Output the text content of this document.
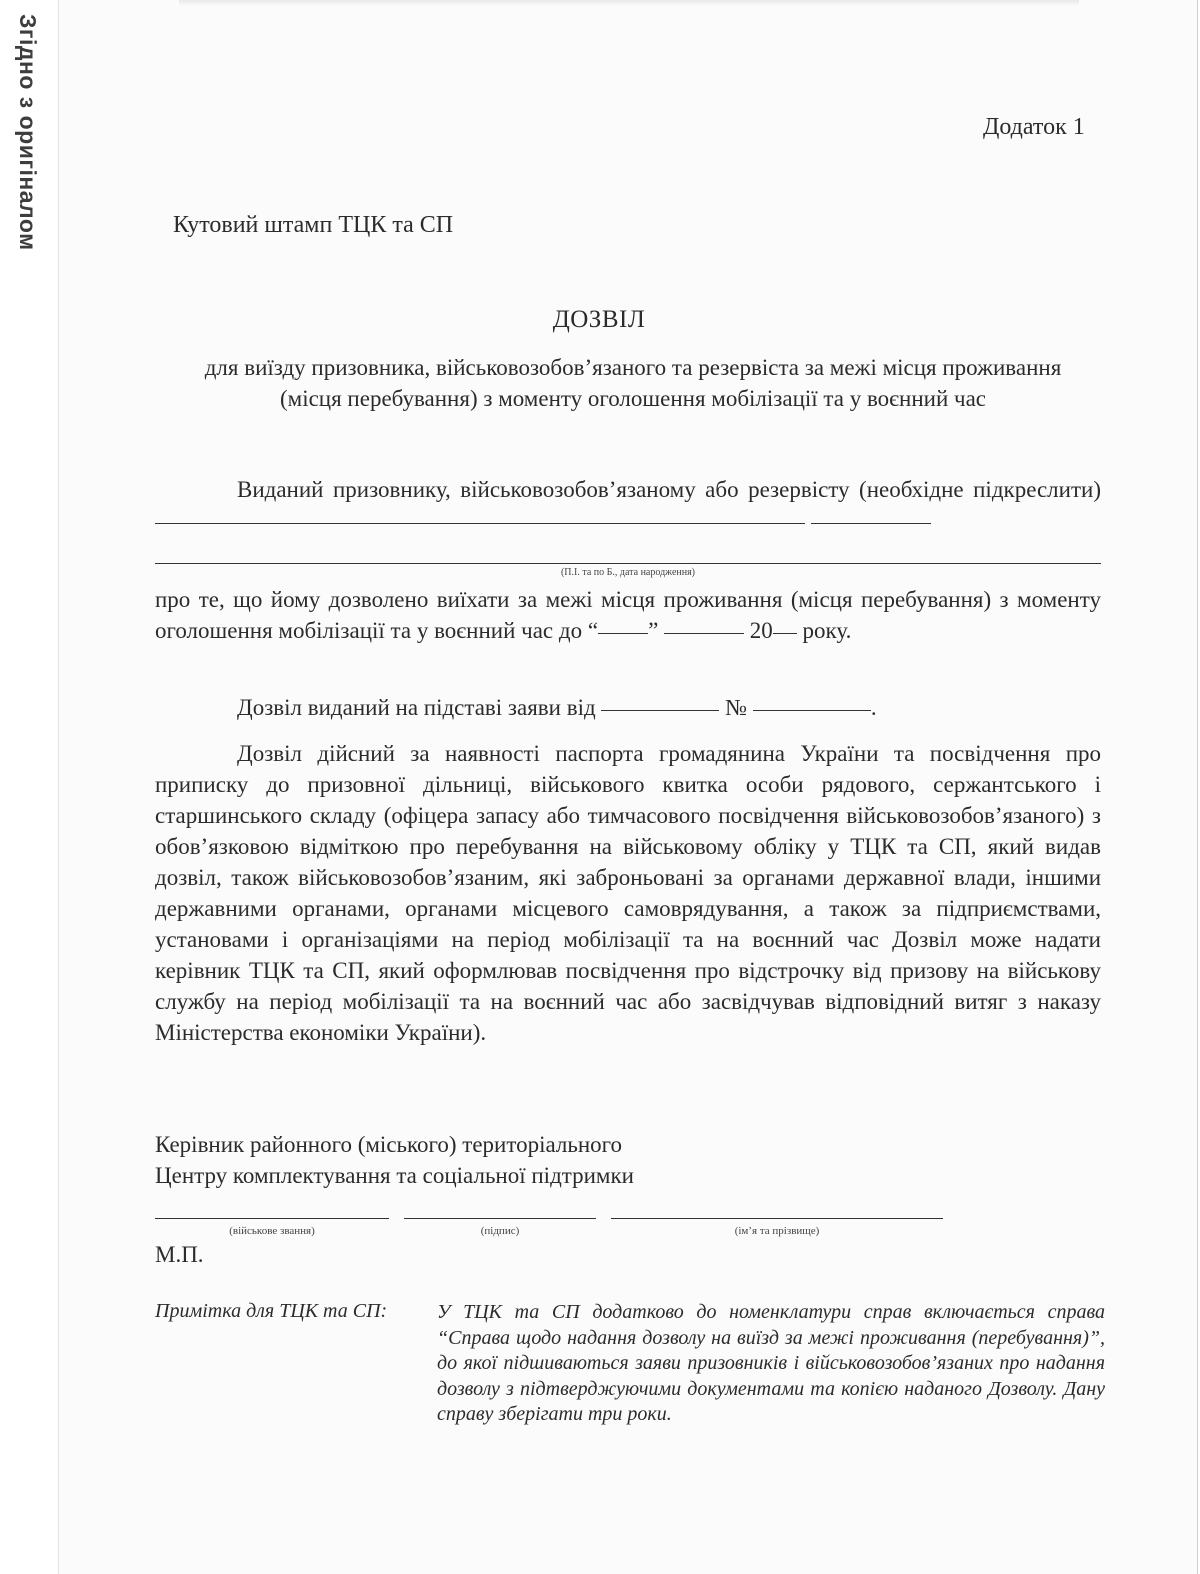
Згідно з оригіналом	Додаток 1
Кутовий штамп ТЦК та СП
ДОЗВІЛ
для виїзду призовника, військовозобов’язаного та резервіста за межі місця проживання (місця перебування) з моменту оголошення мобілізації та у воєнний час
Виданий призовнику, військовозобов’язаному або резервісту (необхідне підкреслити)
(П.І. та по Б., дата народження)
про те, що йому дозволено виїхати за межі місця проживання (місця перебування) з моменту оголошення мобілізації та у воєнний час до “ ”	20 року.
Дозвіл виданий на підставі заяви від	№	.
Дозвіл дійсний за наявності паспорта громадянина України та посвідчення про приписку до призовної дільниці, військового квитка особи рядового, сержантського і старшинського складу (офіцера запасу або тимчасового посвідчення військовозобов’язаного) з обов’язковою відміткою про перебування на військовому обліку у ТЦК та СП, який видав дозвіл, також військовозобов’язаним, які заброньовані за органами державної влади, іншими державними органами, органами місцевого самоврядування, а також за підприємствами, установами і організаціями на період мобілізації та на воєнний час Дозвіл може надати керівник ТЦК та СП, який оформлював посвідчення про відстрочку від призову на військову службу на період мобілізації та на воєнний час або засвідчував відповідний витяг з наказу Міністерства економіки України).
Керівник районного (міського) територіального
Центру комплектування та соціальної підтримки
(військове звання)	(підпис)	(ім’я та прізвище)
М.П.
Примітка для ТЦК та СП: У ТЦК та СП додатково до номенклатури справ включається справа “Справа щодо надання дозволу на виїзд за межі проживання (перебування)”, до якої підшиваються заяви призовників і військовозобов’язаних про надання дозволу з підтверджуючими документами та копією наданого Дозволу. Дану справу зберігати три роки.
